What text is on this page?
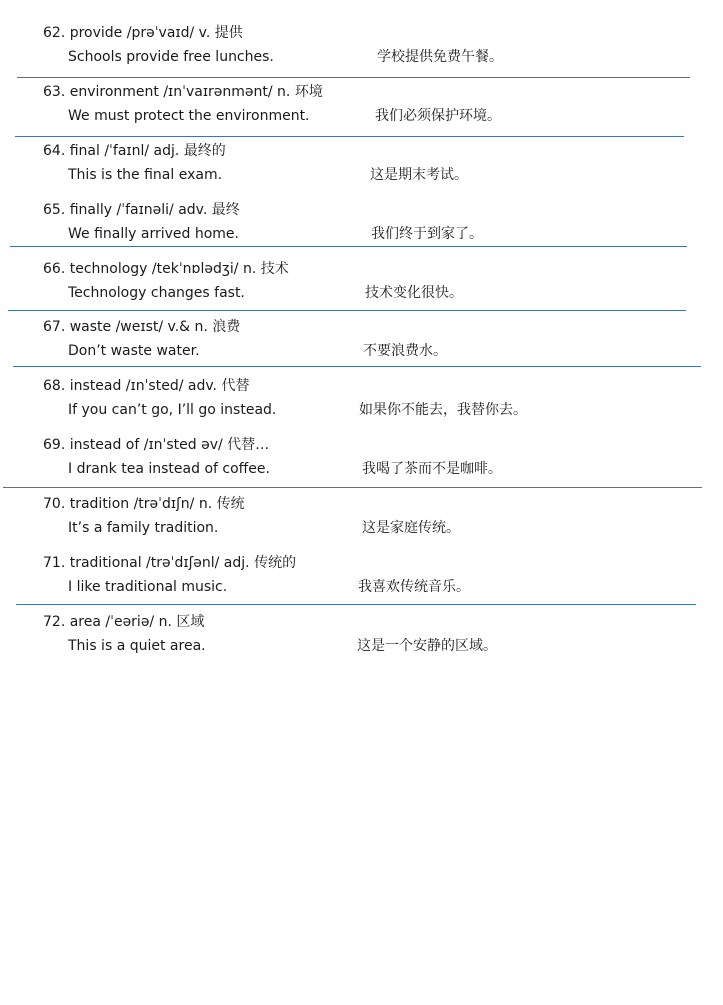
62. provide /prəˈvaɪd/ v. 提供
Schools provide free lunches.	学校提供免费午餐。
63. environment /ɪnˈvaɪrənmənt/ n. 环境
We must protect the environment.	我们必须保护环境。
64. final /ˈfaɪnl/ adj. 最终的
This is the final exam.	这是期末考试。
65. finally /ˈfaɪnəli/ adv. 最终
We finally arrived home.	我们终于到家了。
66. technology /tekˈnɒlədʒi/ n. 技术
Technology changes fast.	技术变化很快。
67. waste /weɪst/ v.& n. 浪费
Don’t waste water.	不要浪费水。
68. instead /ɪnˈsted/ adv. 代替
If you can’t go, I’ll go instead.	如果你不能去，我替你去。
69. instead of /ɪnˈsted əv/ 代替…
I drank tea instead of coffee.	我喝了茶而不是咖啡。
70. tradition /trəˈdɪʃn/ n. 传统
It’s a family tradition.	这是家庭传统。
71. traditional /trəˈdɪʃənl/ adj. 传统的
I like traditional music.	我喜欢传统音乐。
72. area /ˈeəriə/ n. 区域
This is a quiet area.	这是一个安静的区域。
